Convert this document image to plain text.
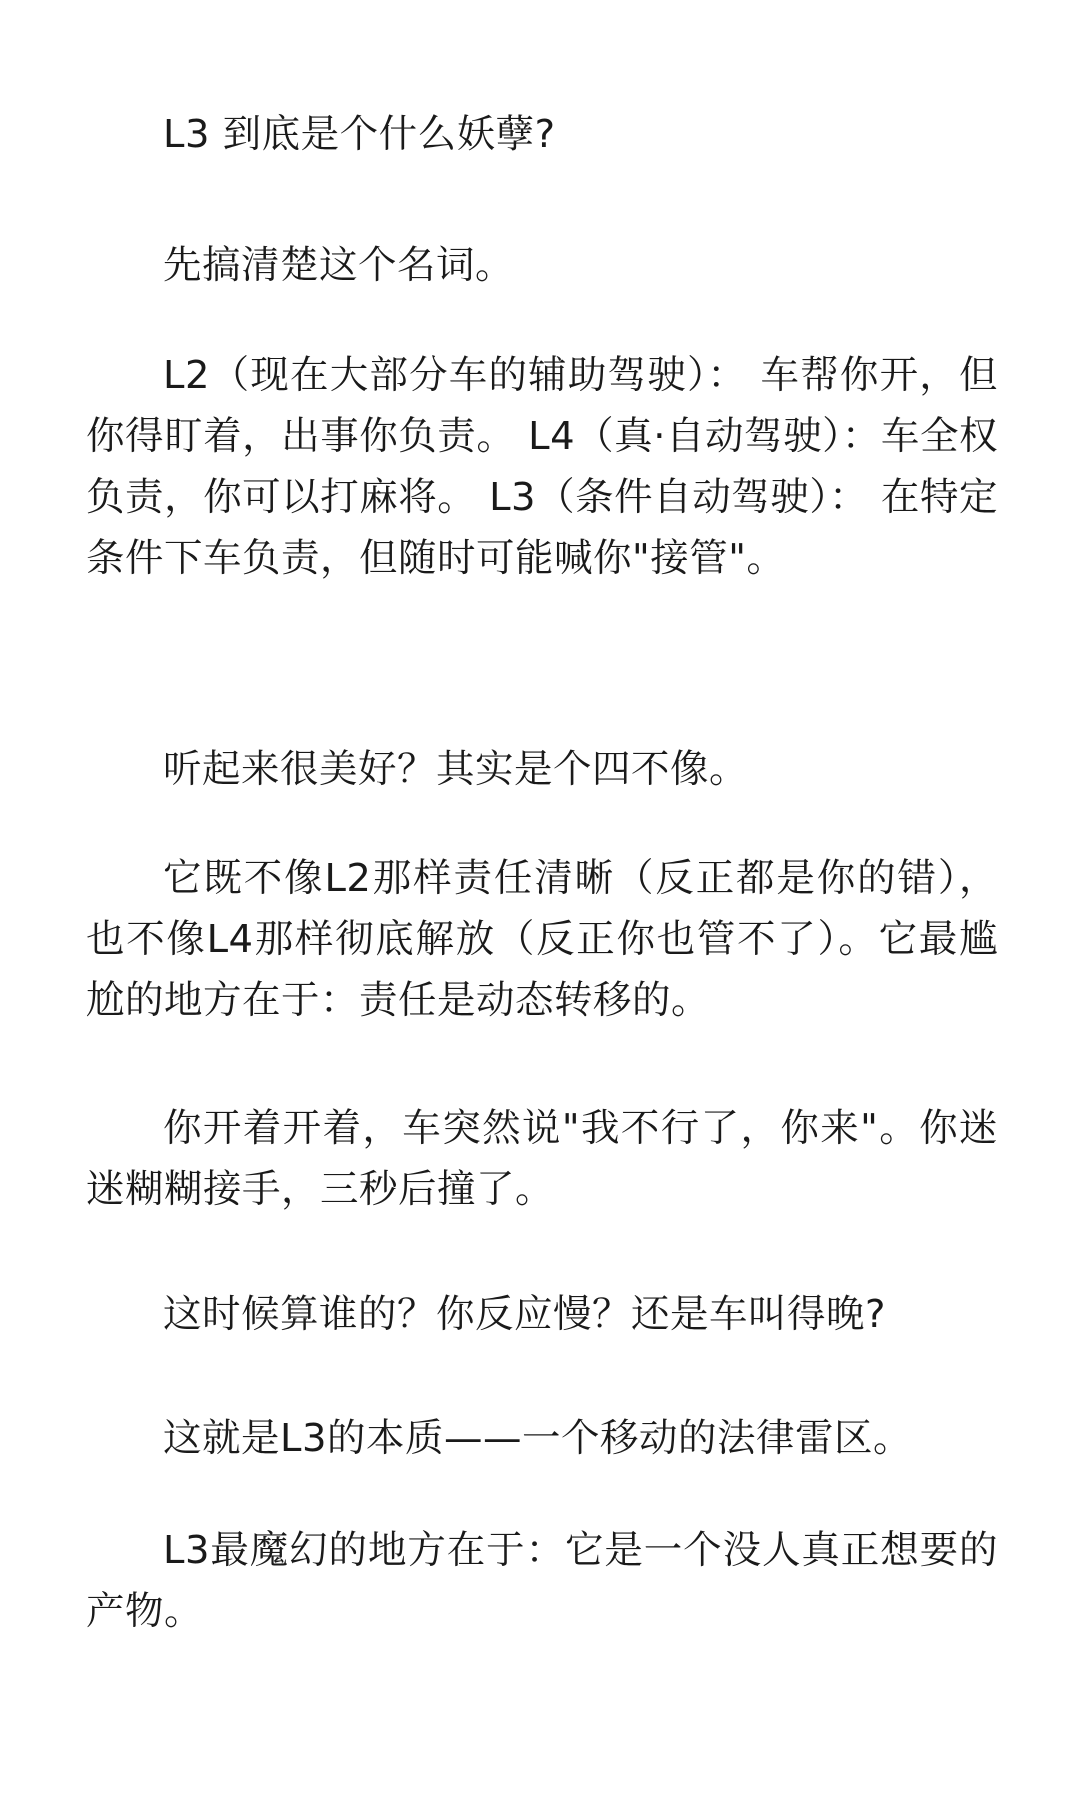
L3 到底是个什么妖孽?

先搞清楚这个名词。

L2（现在大部分车的辅助驾驶）： 车帮你开，但你得盯着，出事你负责。 L4（真·自动驾驶）：车全权负责，你可以打麻将。 L3（条件自动驾驶）： 在特定条件下车负责，但随时可能喊你"接管"。

听起来很美好？其实是个四不像。

它既不像L2那样责任清晰（反正都是你的错），也不像L4那样彻底解放（反正你也管不了）。它最尴尬的地方在于：责任是动态转移的。

你开着开着，车突然说"我不行了，你来"。你迷迷糊糊接手，三秒后撞了。

这时候算谁的？你反应慢？还是车叫得晚?

这就是L3的本质——一个移动的法律雷区。

L3最魔幻的地方在于：它是一个没人真正想要的产物。
